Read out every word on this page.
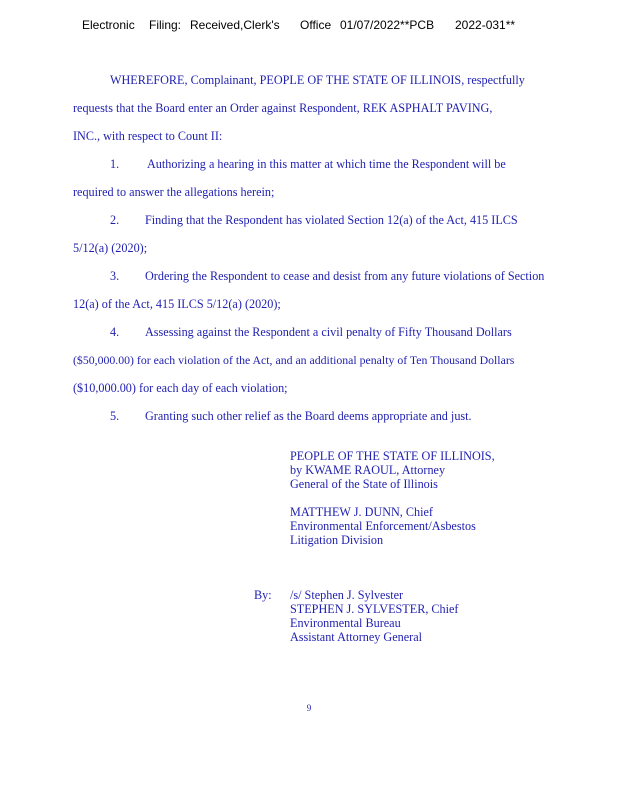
Electronic Filing: Received,Clerk's Office 01/07/2022**PCB 2022-031**
WHEREFORE, Complainant, PEOPLE OF THE STATE OF ILLINOIS, respectfully
requests that the Board enter an Order against Respondent, REK ASPHALT PAVING,
INC., with respect to Count II:
1. Authorizing a hearing in this matter at which time the Respondent will be
required to answer the allegations herein;
2. Finding that the Respondent has violated Section 12(a) of the Act, 415 ILCS
5/12(a) (2020);
3. Ordering the Respondent to cease and desist from any future violations of Section
12(a) of the Act, 415 ILCS 5/12(a) (2020);
4. Assessing against the Respondent a civil penalty of Fifty Thousand Dollars
($50,000.00) for each violation of the Act, and an additional penalty of Ten Thousand Dollars
($10,000.00) for each day of each violation;
5. Granting such other relief as the Board deems appropriate and just.
PEOPLE OF THE STATE OF ILLINOIS,
by KWAME RAOUL, Attorney
General of the State of Illinois
MATTHEW J. DUNN, Chief
Environmental Enforcement/Asbestos
Litigation Division
By: /s/ Stephen J. Sylvester
STEPHEN J. SYLVESTER, Chief
Environmental Bureau
Assistant Attorney General
9
